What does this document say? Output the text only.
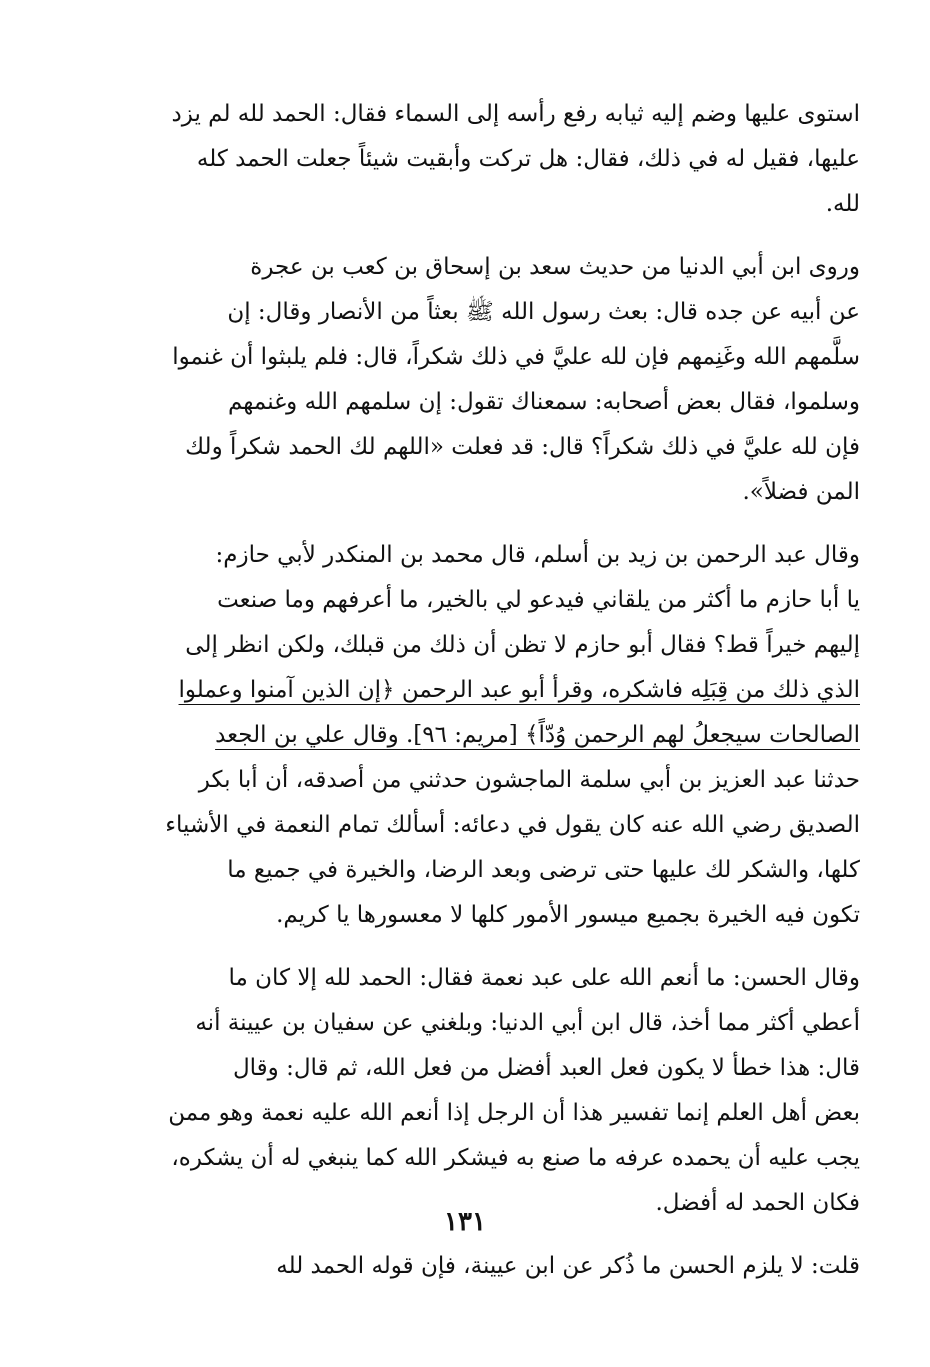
استوى عليها وضم إليه ثيابه رفع رأسه إلى السماء فقال: الحمد لله لم يزد
عليها، فقيل له في ذلك، فقال: هل تركت وأبقيت شيئاً جعلت الحمد كله
لله.

وروى ابن أبي الدنيا من حديث سعد بن إسحاق بن كعب بن عجرة
عن أبيه عن جده قال: بعث رسول الله ﷺ بعثاً من الأنصار وقال: إن
سلَّمهم الله وغَنِمهم فإن لله عليَّ في ذلك شكراً، قال: فلم يلبثوا أن غنموا
وسلموا، فقال بعض أصحابه: سمعناك تقول: إن سلمهم الله وغنمهم
فإن لله عليَّ في ذلك شكراً؟ قال: قد فعلت «اللهم لك الحمد شكراً ولك
المن فضلاً».

وقال عبد الرحمن بن زيد بن أسلم، قال محمد بن المنكدر لأبي حازم:
يا أبا حازم ما أكثر من يلقاني فيدعو لي بالخير، ما أعرفهم وما صنعت
إليهم خيراً قط؟ فقال أبو حازم لا تظن أن ذلك من قبلك، ولكن انظر إلى
الذي ذلك من قِبَلِه فاشكره، وقرأ أبو عبد الرحمن ﴿إن الذين آمنوا وعملوا
الصالحات سيجعلُ لهم الرحمن وُدّاً﴾ [مريم: ٩٦]. وقال علي بن الجعد
حدثنا عبد العزيز بن أبي سلمة الماجشون حدثني من أصدقه، أن أبا بكر
الصديق رضي الله عنه كان يقول في دعائه: أسألك تمام النعمة في الأشياء
كلها، والشكر لك عليها حتى ترضى وبعد الرضا، والخيرة في جميع ما
تكون فيه الخيرة بجميع ميسور الأمور كلها لا معسورها يا كريم.

وقال الحسن: ما أنعم الله على عبد نعمة فقال: الحمد لله إلا كان ما
أعطي أكثر مما أخذ، قال ابن أبي الدنيا: وبلغني عن سفيان بن عيينة أنه
قال: هذا خطأ لا يكون فعل العبد أفضل من فعل الله، ثم قال: وقال
بعض أهل العلم إنما تفسير هذا أن الرجل إذا أنعم الله عليه نعمة وهو ممن
يجب عليه أن يحمده عرفه ما صنع به فيشكر الله كما ينبغي له أن يشكره،
فكان الحمد له أفضل.

قلت: لا يلزم الحسن ما ذُكر عن ابن عيينة، فإن قوله الحمد لله

١٣١
